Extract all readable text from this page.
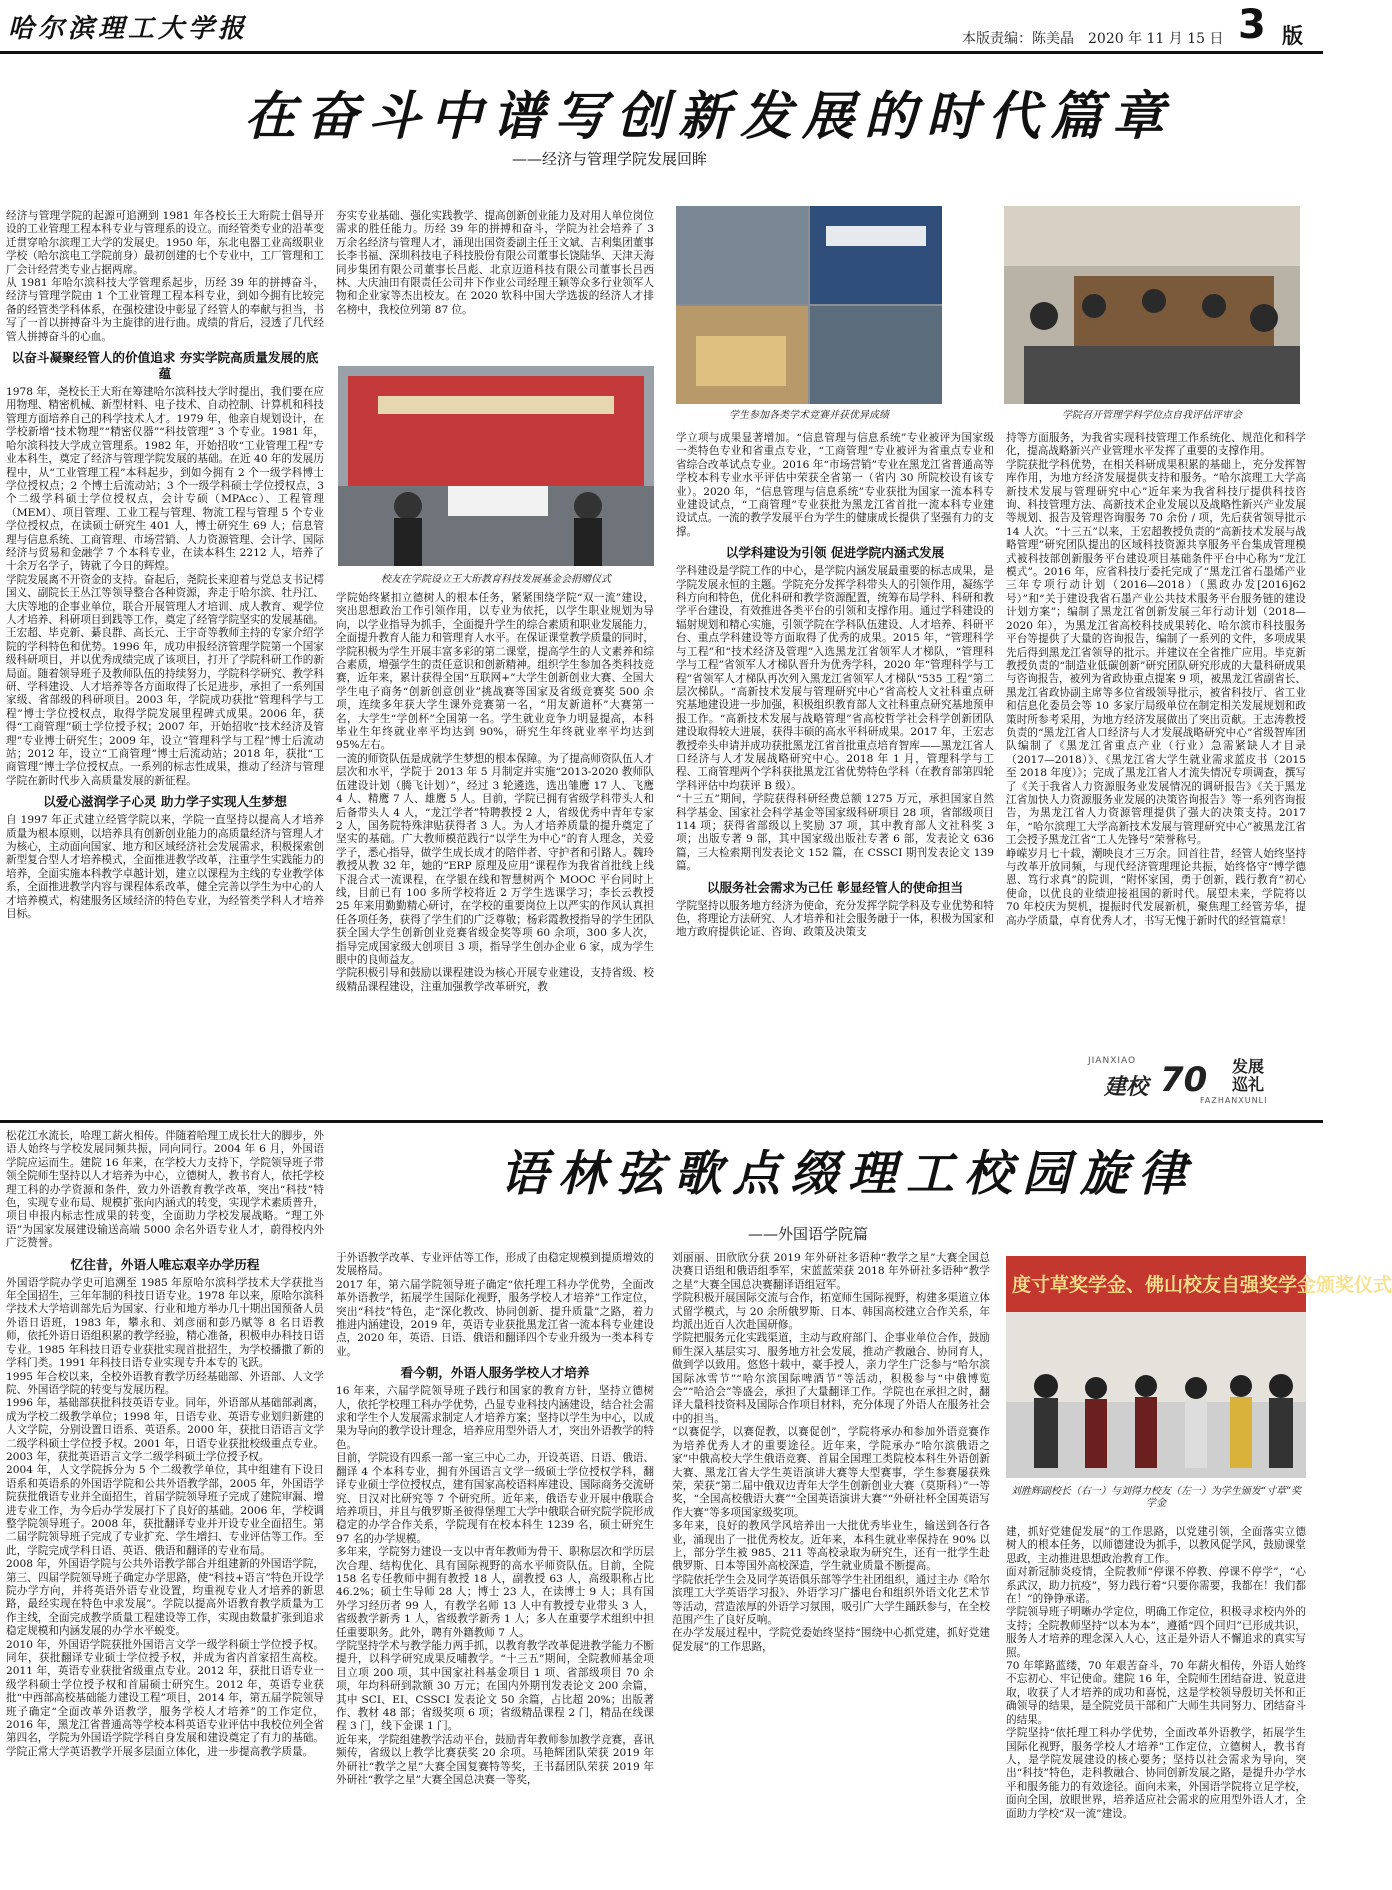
哈尔滨理工大学报	本版责编：陈美晶 2020 年 11 月 15 日 3 版
在奋斗中谱写创新发展的时代篇章
——经济与管理学院发展回眸

经济与管理学院的起源可追溯到 1981 年各校长王大珩院士倡导开设的工业管理工程本科专业与管理系的设立。而经管类专业的沿革变迁贯穿哈尔滨理工大学的发展史。1950 年，东北电器工业高级职业学校（哈尔滨电工学院前身）最初创建的七个专业中，工厂管理和工厂会计经营类专业占据两席。

从 1981 年哈尔滨科技大学管理系起步，历经 39 年的拼搏奋斗，经济与管理学院由 1 个工业管理工程本科专业，到如今拥有比较完备的经管类学科体系，在强校建设中彰显了经管人的奉献与担当，书写了一首以拼搏奋斗为主旋律的进行曲。成绩的背后，浸透了几代经管人拼搏奋斗的心血。

以奋斗凝聚经管人的价值追求 夯实学院高质量发展的底蕴

1978 年，尧校长王大珩在筹建哈尔滨科技大学时提出，我们要在应用物理、精密机械、新型材料、电子技术、自动控制、计算机和科技管理方面培养自己的科学技术人才。1979 年，他亲自规划设计，在学校新增“技术物理”“精密仪器”“科技管理” 3 个专业。1981 年，哈尔滨科技大学成立管理系。1982 年，开始招收“工业管理工程”专业本科生，奠定了经济与管理学院发展的基础。在近 40 年的发展历程中，从“工业管理工程”本科起步，到如今拥有 2 个一级学科博士学位授权点；2 个博士后流动站；3 个一级学科硕士学位授权点，3 个二级学科硕士学位授权点，会计专硕（MPAcc）、工程管理（MEM）、项目管理、工业工程与管理、物流工程与管理 5 个专业学位授权点，在读硕士研究生 401 人，博士研究生 69 人；信息管理与信息系统、工商管理、市场营销、人力资源管理、会计学、国际经济与贸易和金融学 7 个本科专业，在读本科生 2212 人，培养了十余万名学子，铸就了今日的辉煌。

学院发展离不开资金的支持。奋起后，尧院长来迎着与党总支书记樗国义、副院长王丛江等领导整合各种资源，奔走于哈尔滨、牡丹江、大庆等地的企事业单位，联合开展管理人才培训、成人教育、观学位人才培养、科研项目到践等工作，奠定了经管学院坚实的发展基础。王宏超、毕克新、綦良群、高长元、王宇奇等教师主持的专家介绍学院的学科特色和优势。1996 年，成功申报经济管理学院第一个国家级科研项目，并以优秀成绩完成了该项目，打开了学院科研工作的新局面。随着领导班子及教师队伍的持续努力，学院科学研究、教学科研、学科建设、人才培养等各方面取得了长足进步，承担了一系列国家级、省部级的科研项目。2003 年，学院成功获批“管理科学与工程”博士学位授权点，取得学院发展里程碑式成果。2006 年，获得“工商管理”硕士学位授予权；2007 年，开始招收“技术经济及管理”专业博士研究生；2009 年，设立“管理科学与工程”博士后流动站；2012 年，设立“工商管理”博士后流动站；2018 年，获批“工商管理”博士学位授权点。一系列的标志性成果，推动了经济与管理学院在新时代步入高质量发展的新征程。

以爱心滋润学子心灵 助力学子实现人生梦想

自 1997 年正式建立经管学院以来，学院一直坚持以提高人才培养质量为根本原则，以培养具有创新创业能力的高质量经济与管理人才为核心，主动面向国家、地方和区域经济社会发展需求，积极探索创新型复合型人才培养模式，全面推进教学改革，注重学生实践能力的培养，全面实施本科教学卓越计划，建立以课程为主线的专业教学体系，全面推进教学内容与课程体系改革，健全完善以学生为中心的人才培养模式，构建服务区域经济的特色专业，为经管类学科人才培养目标。

夯实专业基础、强化实践教学、提高创新创业能力及对用人单位岗位需求的胜任能力。历经 39 年的拼搏和奋斗，学院为社会培养了 3 万余名经济与管理人才，涌现出国资委副主任王文斌、吉利集团董事长李书福、深圳科技电子科技股份有限公司董事长饶陆华、天津天海同步集团有限公司董事长吕彪、北京迈道科技有限公司董事长吕西林、大庆油田有限责任公司井下作业公司经理王颖等众多行业领军人物和企业家等杰出校友。在 2020 软科中国大学选拔的经济人才排名榜中，我校位列第 87 位。

校友在学院设立王大珩教育科技发展基金会捐赠仪式

学院始终紧扣立德树人的根本任务，紧紧围绕学院“双一流”建设，突出思想政治工作引领作用，以专业为依托，以学生职业规划为导向，以学业指导为抓手，全面提升学生的综合素质和职业发展能力，全面提升教育人能力和管理育人水平。在保证课堂教学质量的同时，学院积极为学生开展丰富多彩的第二课堂，提高学生的人文素养和综合素质，增强学生的责任意识和创新精神。组织学生参加各类科技竞赛，近年来，累计获得全国“互联网+”大学生创新创业大赛、全国大学生电子商务“创新创意创业”挑战赛等国家及省级竞赛奖 500 余项，连续多年获大学生课外竞赛第一名，“用友新道杯”大赛第一名，大学生“学创杯”全国第一名。学生就业竞争力明显提高，本科毕业生年终就业率平均达到 90%，研究生年终就业率平均达到 95%左右。

一流的师资队伍是成就学生梦想的根本保障。为了提高师资队伍人才层次和水平，学院于 2013 年 5 月制定并实施“2013-2020 教师队伍建设计划（腾飞计划）”，经过 3 轮遴选，选出雏鹰 17 人、飞鹰 4 人、精鹰 7 人、雄鹰 5 人。目前，学院已拥有省级学科带头人和后备带头人 4 人，“龙江学者”特聘教授 2 人，省级优秀中青年专家 2 人，国务院特殊津贴获得者 3 人。为人才培养质量的提升奠定了坚实的基础。广大教师模范践行“以学生为中心”的育人理念，关爱学子，悉心指导，做学生成长成才的陪伴者、守护者和引路人。魏玲教授从教 32 年，她的“ERP 原理及应用”课程作为我省首批线上线下混合式一流课程，在学银在线和智慧树两个 MOOC 平台同时上线，目前已有 100 多所学校将近 2 万学生选课学习；李长云教授 25 年来用勤勤精心研讨，在学校的重要岗位上以严实的作风认真担任各项任务，获得了学生们的广泛尊敬；杨彩霞教授指导的学生团队获全国大学生创新创业竞赛省级金奖等项 60 余项，300 多人次，指导完成国家级大创项目 3 项，指导学生创办企业 6 家，成为学生眼中的良师益友。

学院积极引导和鼓励以课程建设为核心开展专业建设，支持省级、校级精品课程建设，注重加强教学改革研究，教

学生参加各类学术竞赛并获优异成绩	学院召开管理学科学位点自我评估评审会

学立项与成果显著增加。“信息管理与信息系统”专业被评为国家级一类特色专业和省重点专业，“工商管理”专业被评为省重点专业和省综合改革试点专业。2016 年“市场营销”专业在黑龙江省普通高等学校本科专业水平评估中荣获全省第一（省内 30 所院校设有该专业）。2020 年，“信息管理与信息系统”专业获批为国家一流本科专业建设试点，“工商管理”专业获批为黑龙江省首批一流本科专业建设试点。一流的教学发展平台为学生的健康成长提供了坚强有力的支撑。

以学科建设为引领 促进学院内涵式发展

学科建设是学院工作的中心，是学院内涵发展最重要的标志成果，是学院发展永恒的主题。学院充分发挥学科带头人的引领作用，凝练学科方向和特色，优化科研和教学资源配置，统筹布局学科、科研和教学平台建设，有效推进各类平台的引领和支撑作用。通过学科建设的辐射规划和精心实施，引领学院在学科队伍建设、人才培养、科研平台、重点学科建设等方面取得了优秀的成果。2015 年，“管理科学与工程”和“技术经济及管理”入选黑龙江省领军人才梯队，“管理科学与工程”省领军人才梯队晋升为优秀学科，2020 年“管理科学与工程”省领军人才梯队再次列入黑龙江省领军人才梯队“535 工程”第二层次梯队。“高新技术发展与管理研究中心”省高校人文社科重点研究基地建设进一步加强，积极组织教育部人文社科重点研究基地预申报工作。“高新技术发展与战略管理”省高校哲学社会科学创新团队建设取得较大进展，获得丰硕的高水平科研成果。2017 年，王宏志教授牵头申请并成功获批黑龙江省首批重点培育智库——黑龙江省人口经济与人才发展战略研究中心。2018 年 1 月，管理科学与工程、工商管理两个学科获批黑龙江省优势特色学科（在教育部第四轮学科评估中均获评 B 级）。

“十三五”期间，学院获得科研经费总额 1275 万元，承担国家自然科学基金、国家社会科学基金等国家级科研项目 28 项，省部级项目 114 项；获得省部级以上奖励 37 项，其中教育部人文社科奖 3 项；出版专著 9 部，其中国家级出版社专著 6 部，发表论文 636 篇，三大检索期刊发表论文 152 篇，在 CSSCI 期刊发表论文 139 篇。

以服务社会需求为己任 彰显经管人的使命担当

学院坚持以服务地方经济为使命，充分发挥学院学科及专业优势和特色，将理论方法研究、人才培养和社会服务融于一体，积极为国家和地方政府提供论证、咨询、政策及决策支

持等方面服务，为我省实现科技管理工作系统化、规范化和科学化，提高战略新兴产业管理水平发挥了重要的支撑作用。

学院获批学科优势，在相关科研成果积累的基础上，充分发挥智库作用，为地方经济发展提供支持和服务。“哈尔滨理工大学高新技术发展与管理研究中心”近年来为我省科技厅提供科技咨询、科技管理方法、高新技术企业发展以及战略性新兴产业发展等规划、报告及管理咨询服务 70 余份 / 项，先后获省领导批示 14 人次。“十三五”以来，王宏超教授负责的“高新技术发展与战略管理”研究团队提出的区域科技资源共享服务平台集成管理模式被科技部创新服务平台建设项目基础条件平台中心称为“龙江模式”。2016 年，应省科技厅委托完成了“黑龙江省石墨烯产业三年专项行动计划（2016—2018）（黑政办发[2016]62 号）”和“关于建设我省石墨产业公共技术服务平台服务链的建设计划方案”；编制了黑龙江省创新发展三年行动计划（2018—2020 年），为黑龙江省高校科技成果转化、哈尔滨市科技服务平台等提供了大量的咨询报告，编制了一系列的文件，多项成果先后得到黑龙江省领导的批示。并建议在全省推广应用。毕克新教授负责的“制造业低碳创新”研究团队研究形成的大量科研成果与咨询报告，被列为省政协重点提案 9 项，被黑龙江省副省长、黑龙江省政协副主席等多位省级领导批示，被省科技厅、省工业和信息化委员会等 10 多家厅局级单位在制定相关发展规划和政策时所参考采用，为地方经济发展做出了突出贡献。王志涛教授负责的“黑龙江省人口经济与人才发展战略研究中心”省级智库团队编制了《黑龙江省重点产业（行业）急需紧缺人才目录（2017—2018）》、《黑龙江省大学生就业需求蓝皮书（2015 至 2018 年度）》；完成了黑龙江省人才流失情况专项调查，撰写了《关于我省人力资源服务业发展情况的调研报告》《关于黑龙江省加快人力资源服务业发展的决策咨询报告》等一系列咨询报告，为黑龙江省人力资源管理提供了强大的决策支持。2017 年，“哈尔滨理工大学高新技术发展与管理研究中心”被黑龙江省工会授予黑龙江省“工人先锋号”荣誉称号。

峥嵘岁月七十载，潮映良才三万余。回首往昔，经管人始终坚持与改革开放同频，与现代经济管理理论共振，始终恪守“博学德恩、笃行求真”的院训，“附怀家国，勇于创新，践行教育”初心使命，以优良的业绩迎接祖国的新时代。展望未来，学院将以 70 年校庆为契机，提振时代发展新机，聚焦理工经管芳华，提高办学质量，卓育优秀人才，书写无愧于新时代的经管篇章！

JIANXIAO
建校 70 发展巡礼
FAZHANXUNLI
语林弦歌点缀理工校园旋律
——外国语学院篇

松花江水流长，哈理工薪火相传。伴随着哈理工成长壮大的脚步，外语人始终与学校发展同频共振，同向同行。2004 年 6 月，外国语学院应运而生。建院 16 年来，在学校大力支持下，学院领导班子带领全院师生坚持以人才培养为中心，立德树人，教书育人，依托学校理工科的办学资源和条件，致力外语教育教学改革，突出“科技”特色，实现专业布局、规模扩张向内涵式的转变，实现学术素质普升，项目申报内标志性成果的转变，全面助力学校发展战略。“理工外语”为国家发展建设输送高端 5000 余名外语专业人才，蔚得校内外广泛赞誉。

忆往昔，外语人唯忘艰辛办学历程

外国语学院办学史可追溯至 1985 年原哈尔滨科学技术大学获批当年全国招生，三年年制的科技日语专业。1978 年以来，原哈尔滨科学技术大学培训部先后为国家、行业和地方举办几十期出国预备人员外语日语班，1983 年，攀永和、刘彦丽和彭乃赋等 8 名日语教师，依托外语日语组积累的教学经验，精心准备，积极申办科技日语专业。1985 年科技日语专业获批实现首批招生，为学校播撒了新的学科门类。1991 年科技日语专业实现专升本专的飞跃。

1995 年合校以来，全校外语教育教学历经基础部、外语部、人文学院、外国语学院的转变与发展历程。

1996 年，基础部获批科技英语专业。同年，外语部从基础部剥离，成为学校二级教学单位；1998 年，日语专业、英语专业划归新建的人文学院，分别设置日语系、英语系。2000 年，获批日语语言文学二级学科硕士学位授予权。2001 年，日语专业获批校级重点专业。2003 年，获批英语语言文学二级学科硕士学位授予权。

2004 年，人文学院拆分为 5 个二级教学单位，其中组建有下设日语系和英语系的外国语学院和公共外语教学部，2005 年，外国语学院获批俄语专业并全面招生，首届学院领导班子完成了建院审漏、增进专业工作，为今后办学发展打下了良好的基础。2006 年，学校调整学院领导班子。2008 年，获批翻译专业并开设专业全面招生。第二届学院领导班子完成了专业扩充、学生增扫、专业评估等工作。至此，学院完成学科日语、英语、俄语和翻译的专业布局。

2008 年，外国语学院与公共外语教学部合并组建新的外国语学院，第三、四届学院领导班子确定办学思路，使“科技+语言”特色开设学院办学方向，并将英语外语专业设置，均重视专业人才培养的新思路，最经实现在特色中求发展”。学院以提高外语教育教学质量为工作主线，全面完成教学质量工程建设等工作，实现由数量扩张到追求稳定规模和内涵发展的办学水平蜕变。

2010 年，外国语学院获批外国语言文学一级学科硕士学位授予权。同年，获批翻译专业硕士学位授予权，并成为省内首家招生高校。2011 年，英语专业获批省级重点专业。2012 年，获批日语专业一级学科硕士学位授予权和首届硕士研究生。2012 年，英语专业获批“中西部高校基础能力建设工程”项目，2014 年，第五届学院领导班子确定“全面改革外语教学，服务学校人才培养”的工作定位，2016 年，黑龙江省普通高等学校本科英语专业评估中我校位列全省第四名，学院为外国语学院学科自身发展和建设奠定了有力的基础。学院正常大学英语教学开展多层面立体化，进一步提高教学质量。

于外语教学改革、专业评估等工作，形成了由稳定规模到提质增效的发展格局。

2017 年，第六届学院领导班子确定“依托理工科办学优势，全面改革外语教学，拓展学生国际化视野，服务学校人才培养”工作定位，突出“科技”特色，走“深化教改、协同创新、提升质量”之路，着力推进内涵建设，2019 年，英语专业获批黑龙江省一流本科专业建设点，2020 年，英语、日语、俄语和翻译四个专业升级为一类本科专业。

看今朝，外语人服务学校人才培养

16 年来，六届学院领导班子践行和国家的教育方针，坚持立德树人，依托学校理工科办学优势，凸显专业科技内涵建设，结合社会需求和学生个人发展需求制定人才培养方案；坚持以学生为中心，以成果为导向的教学设计理念，培养应用型外语人才，突出外语教学的特色。

目前，学院设有四系一部一室三中心二办，开设英语、日语、俄语、翻译 4 个本科专业，拥有外国语言文学一级硕士学位授权学科，翻译专业硕士学位授权点，建有国家高校语料库建设、国际商务交流研究、日汉对比研究等 7 个研究所。近年来，俄语专业开展中俄联合培养项目，并且与俄罗斯圣彼得堡理工大学中俄联合研究院学院形成稳定的办学合作关系，学院现有在校本科生 1239 名，硕士研究生 97 名的办学规模。

多年来，学院努力建设一支以中青年教师为骨干、职称层次和学历层次合理、结构优化、具有国际视野的高水平师资队伍。目前，全院 158 名专任教师中拥有教授 18 人，副教授 63 人，高级职称占比 46.2%；硕士生导师 28 人；博士 23 人，在读博士 9 人；具有国外学习经历者 99 人，有教学名师 13 人中有教授专业带头 3 人，省级教学新秀 1 人，省级教学新秀 1 人；多人在重要学术组织中担任重要职务。此外，聘有外籍教师 7 人。

学院坚持学术与教学能力两手抓，以教育教学改革促进教学能力不断提升，以科学研究成果反哺教学。“十三五”期间，全院教师基金项目立项 200 项，其中国家社科基金项目 1 项、省部级项目 70 余项，年均科研到款额 30 万元；在国内外期刊发表论文 200 余篇，其中 SCI、EI、CSSCI 发表论文 50 余篇，占比超 20%；出版著作、教材 48 部；省级奖项 6 项；省级精品课程 2 门，精品在线课程 3 门，线下金课 1 门。

近年来，学院组建教学活动平台，鼓励青年教师参加教学竞赛，喜讯频传，省级以上教学比赛获奖 20 余项。马艳辉团队荣获 2019 年外研社“教学之星”大赛全国复赛特等奖，王书磊团队荣获 2019 年外研社“教学之星”大赛全国总决赛一等奖，

刘丽丽、田欣欣分获 2019 年外研社多语种“教学之星”大赛全国总决赛日语组和俄语组季军，宋蓝蓝荣获 2018 年外研社多语种“教学之星”大赛全国总决赛翻译语组冠军。

学院积极开展国际交流与合作，拓宽师生国际视野，构建多渠道立体式留学模式，与 20 余所俄罗斯、日本、韩国高校建立合作关系，年均派出近百人次赴国研修。

学院把服务元化实践渠道，主动与政府部门、企事业单位合作，鼓励师生深入基层实习、服务地方社会发展，推动产教融合、协同育人，做到学以致用。悠悠十载中，豪手授人，亲力学生广泛参与“哈尔滨国际冰雪节”“哈尔滨国际啤酒节”等活动，积极参与“中俄博览会”“哈洽会”等盛会，承担了大量翻译工作。学院也在承担之时，翻译大量科技资料及国际合作项目材料，充分体现了外语人在服务社会中的担当。

“以赛促学，以赛促教，以赛促创”，学院将承办和参加外语竞赛作为培养优秀人才的重要途径。近年来，学院承办“哈尔滨俄语之家”中俄高校大学生俄语竞赛、首届全国理工类院校本科生外语创新大赛、黑龙江省大学生英语演讲大赛等大型赛事，学生参赛屡获殊荣，荣获“第二届中俄双边青年大学生创新创业大赛（莫斯科）”一等奖，“全国高校俄语大赛”“全国英语演讲大赛”“外研社杯全国英语写作大赛”等多项国家级奖项。

多年来，良好的教风学风培养出一大批优秀毕业生，输送到各行各业，涌现出了一批优秀校友。近年来，本科生就业率保持在 90% 以上，部分学生被 985、211 等高校录取为研究生，还有一批学生赴俄罗斯、日本等国外高校深造，学生就业质量不断提高。

学院依托学生会及同学英语俱乐部等学生社团组织，通过主办《哈尔滨理工大学英语学习报》、外语学习广播电台和组织外语文化艺术节等活动，营造浓厚的外语学习氛围，吸引广大学生踊跃参与，在全校范围产生了良好反响。

在办学发展过程中，学院党委始终坚持“围绕中心抓党建，抓好党建促发展”的工作思路，

度寸草奖学金、佛山校友自强奖学金颁奖仪式
刘胜辉副校长（右一）与刘得力校友（左一）为学生颁发“寸草”奖学金

建，抓好党建促发展”的工作思路，以党建引领，全面落实立德树人的根本任务，以师德建设为抓手，以教风促学风，鼓励课堂思政，主动推进思想政治教育工作。

面对新冠肺炎疫情，全院教师“停课不停教、停课不停学”，“心系武汉，助力抗疫”，努力践行着“只要你需要，我都在！我们都在！”的铮铮承诺。

学院领导班子明晰办学定位，明确工作定位，积极寻求校内外的支持；全院教师坚持“以本为本”，遵循“四个回归”已形成共识，服务人才培养的理念深入人心，这正是外语人不懈追求的真实写照。

70 年筚路蓝缕，70 年艰苦奋斗，70 年薪火相传，外语人始终不忘初心、牢记使命。建院 16 年，全院师生团结奋进、锐意进取，收获了人才培养的成功和喜悦，这是学校领导殷切关怀和正确领导的结果，是全院党员干部和广大师生共同努力、团结奋斗的结果。

学院坚持“依托理工科办学优势，全面改革外语教学，拓展学生国际化视野，服务学校人才培养”工作定位，立德树人，教书育人，是学院发展建设的核心要务；坚持以社会需求为导向，突出“科技”特色，走科教融合、协同创新发展之路，是提升办学水平和服务能力的有效途径。面向未来，外国语学院将立足学校，面向全国，放眼世界，培养适应社会需求的应用型外语人才，全面助力学校“双一流”建设。
